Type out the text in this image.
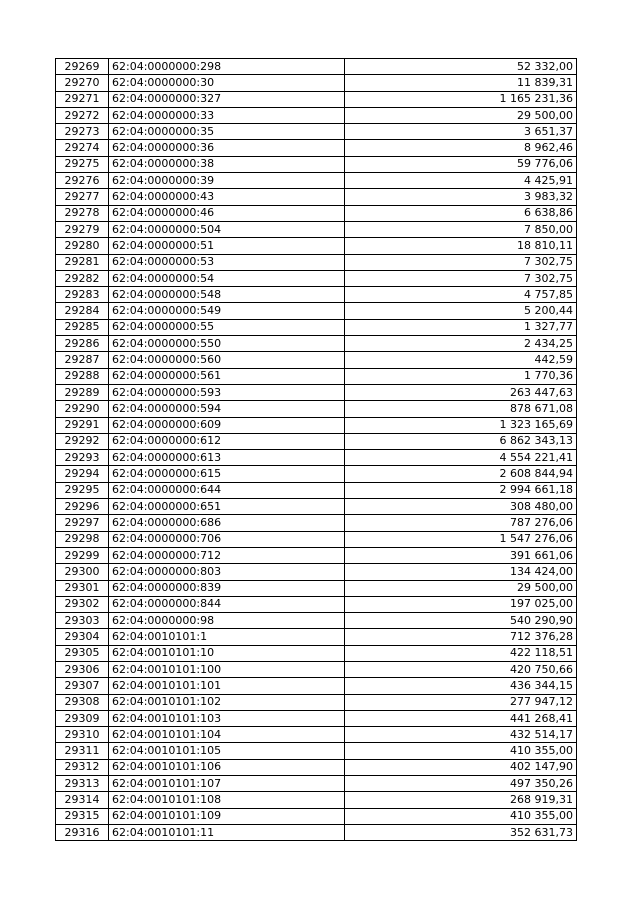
29269	62:04:0000000:298	52 332,00
29270	62:04:0000000:30	11 839,31
29271	62:04:0000000:327	1 165 231,36
29272	62:04:0000000:33	29 500,00
29273	62:04:0000000:35	3 651,37
29274	62:04:0000000:36	8 962,46
29275	62:04:0000000:38	59 776,06
29276	62:04:0000000:39	4 425,91
29277	62:04:0000000:43	3 983,32
29278	62:04:0000000:46	6 638,86
29279	62:04:0000000:504	7 850,00
29280	62:04:0000000:51	18 810,11
29281	62:04:0000000:53	7 302,75
29282	62:04:0000000:54	7 302,75
29283	62:04:0000000:548	4 757,85
29284	62:04:0000000:549	5 200,44
29285	62:04:0000000:55	1 327,77
29286	62:04:0000000:550	2 434,25
29287	62:04:0000000:560	442,59
29288	62:04:0000000:561	1 770,36
29289	62:04:0000000:593	263 447,63
29290	62:04:0000000:594	878 671,08
29291	62:04:0000000:609	1 323 165,69
29292	62:04:0000000:612	6 862 343,13
29293	62:04:0000000:613	4 554 221,41
29294	62:04:0000000:615	2 608 844,94
29295	62:04:0000000:644	2 994 661,18
29296	62:04:0000000:651	308 480,00
29297	62:04:0000000:686	787 276,06
29298	62:04:0000000:706	1 547 276,06
29299	62:04:0000000:712	391 661,06
29300	62:04:0000000:803	134 424,00
29301	62:04:0000000:839	29 500,00
29302	62:04:0000000:844	197 025,00
29303	62:04:0000000:98	540 290,90
29304	62:04:0010101:1	712 376,28
29305	62:04:0010101:10	422 118,51
29306	62:04:0010101:100	420 750,66
29307	62:04:0010101:101	436 344,15
29308	62:04:0010101:102	277 947,12
29309	62:04:0010101:103	441 268,41
29310	62:04:0010101:104	432 514,17
29311	62:04:0010101:105	410 355,00
29312	62:04:0010101:106	402 147,90
29313	62:04:0010101:107	497 350,26
29314	62:04:0010101:108	268 919,31
29315	62:04:0010101:109	410 355,00
29316	62:04:0010101:11	352 631,73
